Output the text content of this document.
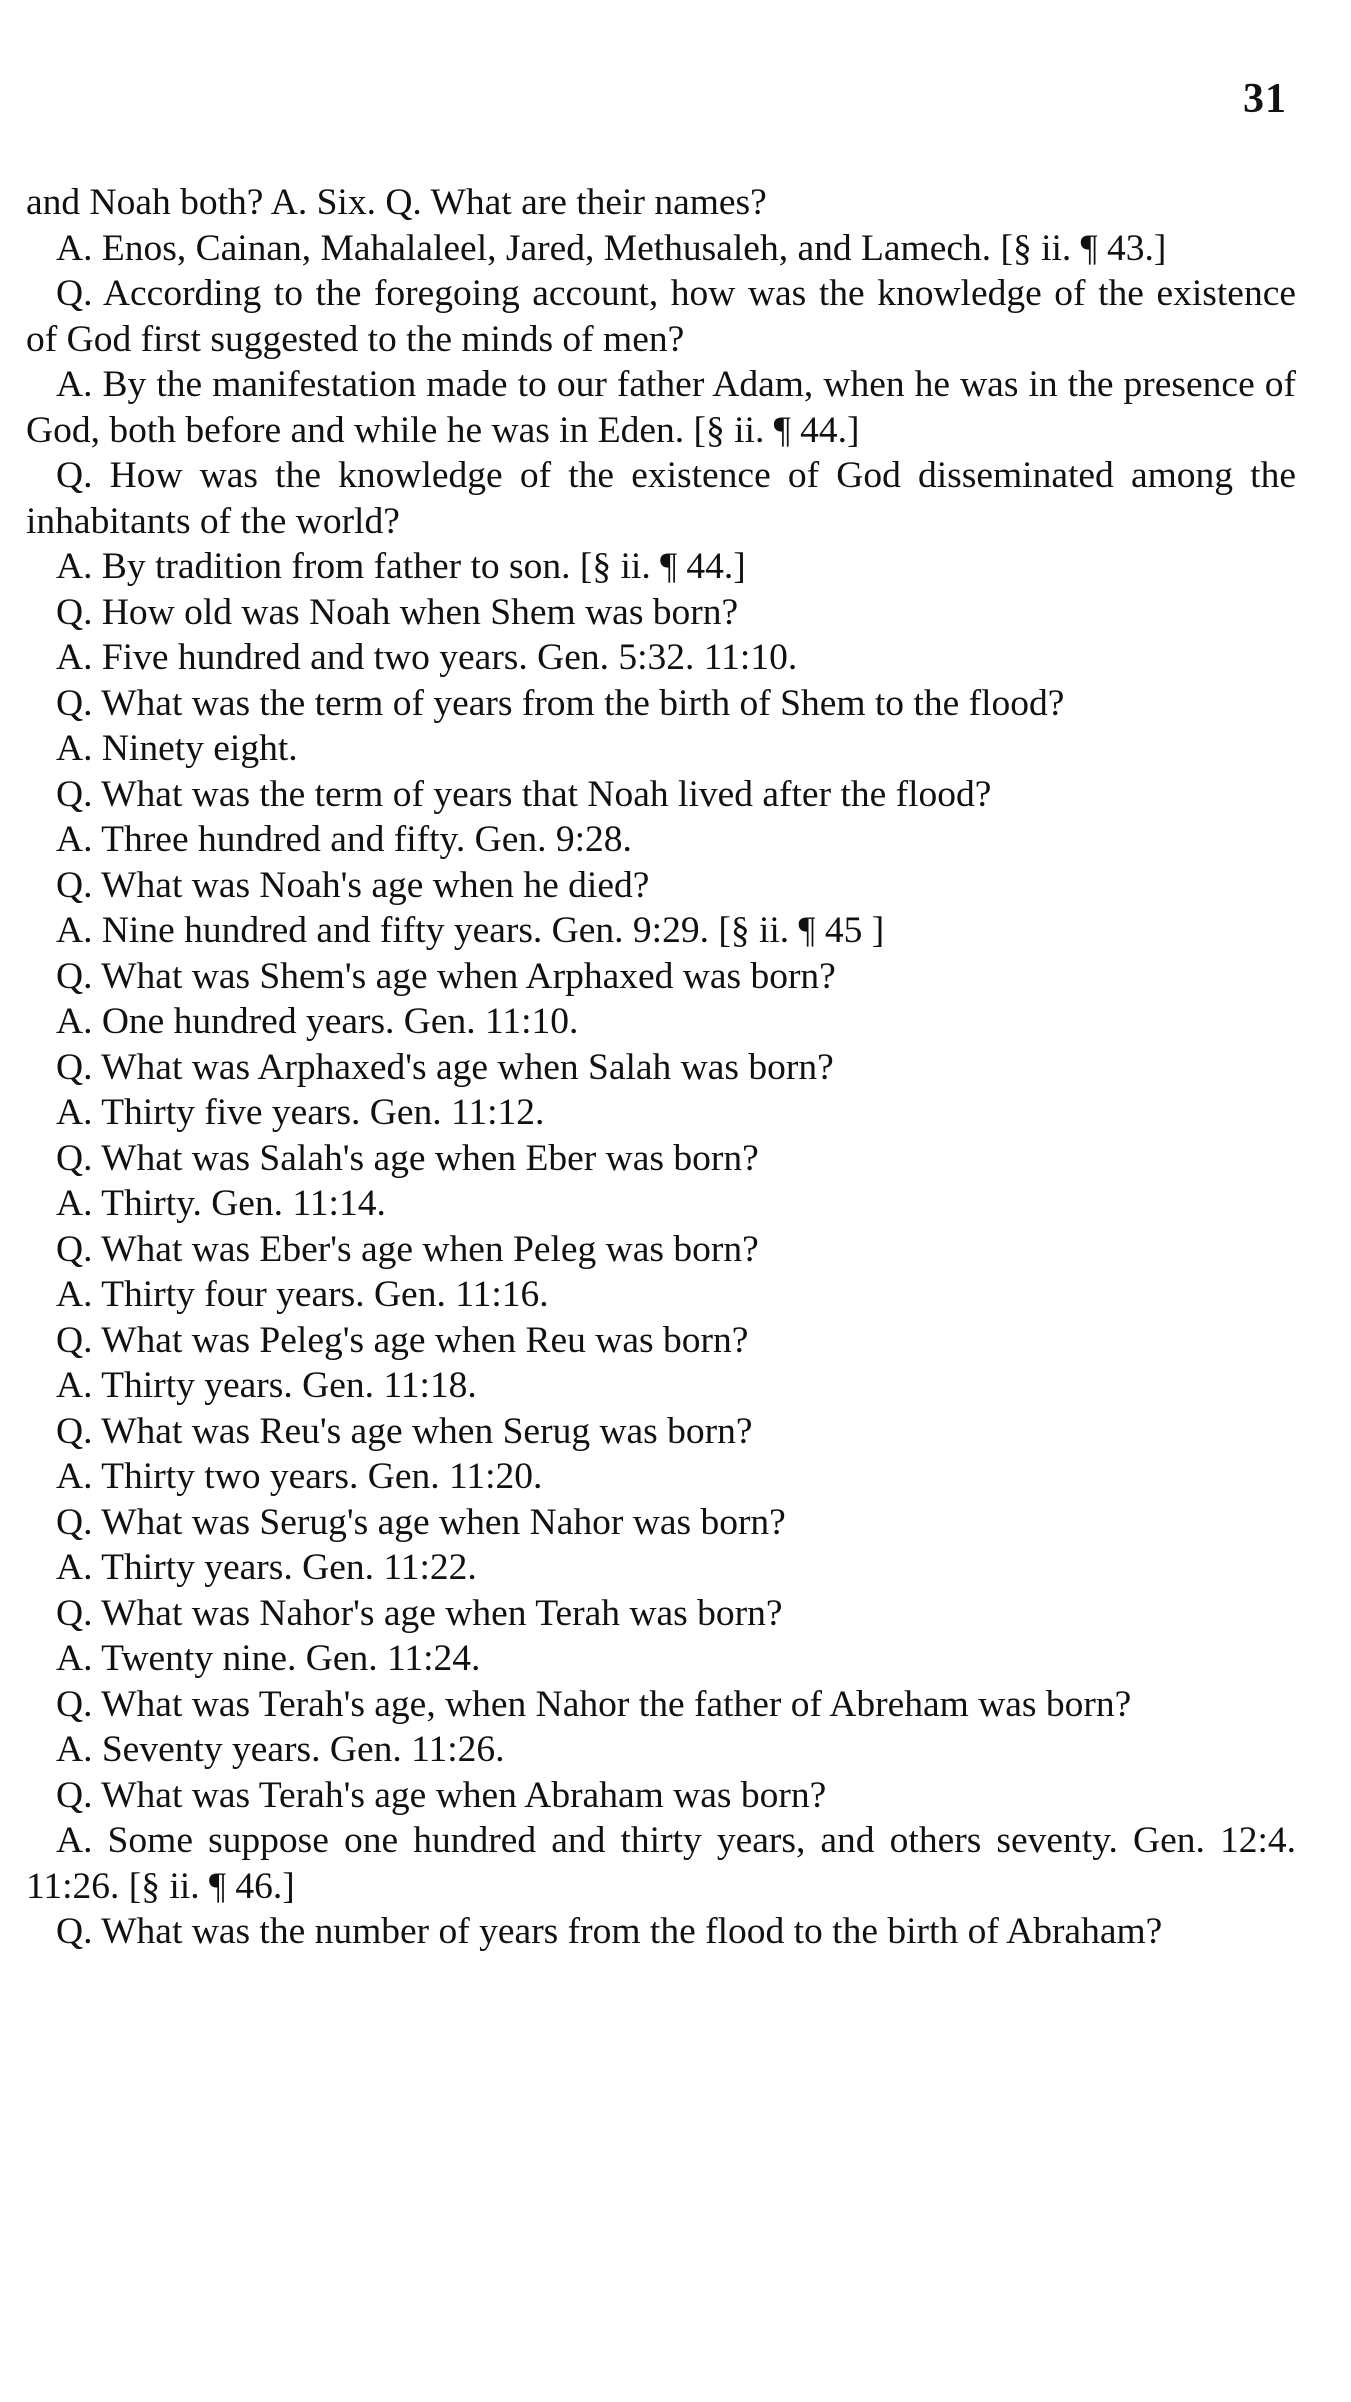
31

and Noah both? A. Six. Q. What are their names?

A. Enos, Cainan, Mahalaleel, Jared, Methusaleh, and Lamech. [§ ii. ¶ 43.]

Q. According to the foregoing account, how was the knowledge of the existence of God first suggested to the minds of men?

A. By the manifestation made to our father Adam, when he was in the presence of God, both before and while he was in Eden. [§ ii. ¶ 44.]

Q. How was the knowledge of the existence of God disseminated among the inhabitants of the world?

A. By tradition from father to son. [§ ii. ¶ 44.]

Q. How old was Noah when Shem was born?

A. Five hundred and two years. Gen. 5:32. 11:10.

Q. What was the term of years from the birth of Shem to the flood?

A. Ninety eight.

Q. What was the term of years that Noah lived after the flood?

A. Three hundred and fifty. Gen. 9:28.

Q. What was Noah's age when he died?

A. Nine hundred and fifty years. Gen. 9:29. [§ ii. ¶ 45 ]

Q. What was Shem's age when Arphaxed was born?

A. One hundred years. Gen. 11:10.

Q. What was Arphaxed's age when Salah was born?

A. Thirty five years. Gen. 11:12.

Q. What was Salah's age when Eber was born?

A. Thirty. Gen. 11:14.

Q. What was Eber's age when Peleg was born?

A. Thirty four years. Gen. 11:16.

Q. What was Peleg's age when Reu was born?

A. Thirty years. Gen. 11:18.

Q. What was Reu's age when Serug was born?

A. Thirty two years. Gen. 11:20.

Q. What was Serug's age when Nahor was born?

A. Thirty years. Gen. 11:22.

Q. What was Nahor's age when Terah was born?

A. Twenty nine. Gen. 11:24.

Q. What was Terah's age, when Nahor the father of Abreham was born?

A. Seventy years. Gen. 11:26.

Q. What was Terah's age when Abraham was born?

A. Some suppose one hundred and thirty years, and others seventy. Gen. 12:4. 11:26. [§ ii. ¶ 46.]

Q. What was the number of years from the flood to the birth of Abraham?
